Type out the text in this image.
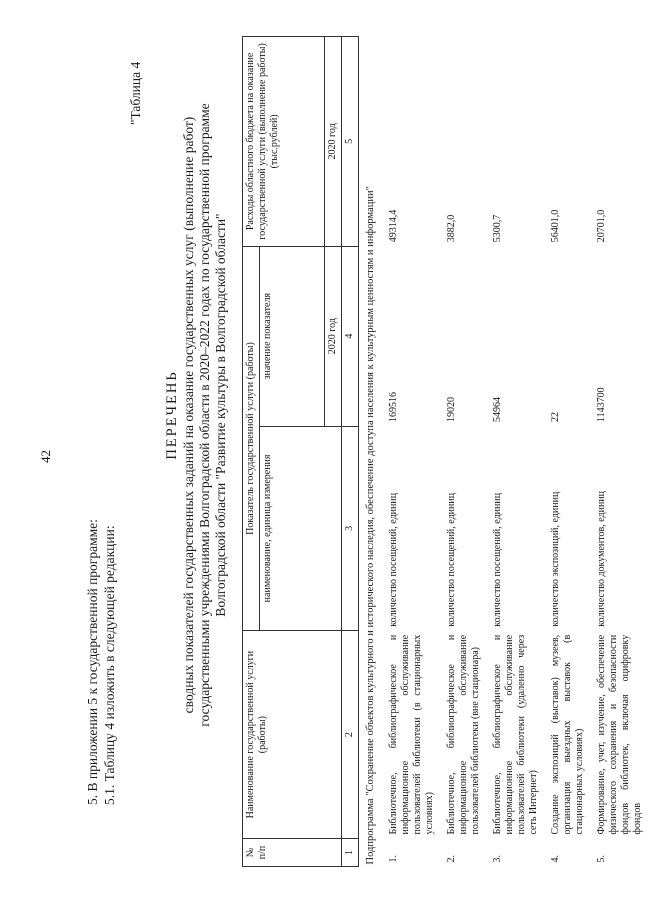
42
5. В приложении 5 к государственной программе: 5.1. Таблицу 4 изложить в следующей редакции:
"Таблица 4
ПЕРЕЧЕНЬ сводных показателей государственных заданий на оказание государственных услуг (выполнение работ) государственными учреждениями Волгоградской области в 2020–2022 годах по государственной программе Волгоградской области "Развитие культуры в Волгоградской области"
№ п/п	Наименование государственной услуги (работы)	Показатель государственной услуги (работы)		Расходы областного бюджета на оказание государственной услуги (выполнение работы) (тыс.рублей)
		наименование, единица измерения	значение показателя	
			2020 год	2020 год
1	2	3	4	5
Подпрограмма "Сохранение объектов культурного и исторического наследия, обеспечение доступа населения к культурным ценностям и информации"				
1.	Библиотечное, библиографическое и информационное обслуживание пользователей библиотеки (в стационарных условиях)	количество посещений, единиц	169516	49314,4
2.	Библиотечное, библиографическое и информационное обслуживание пользователей библиотеки (вне стационара)	количество посещений, единиц	19020	3882,0
3.	Библиотечное, библиографическое и информационное обслуживание пользователей библиотеки (удаленно через сеть Интернет)	количество посещений, единиц	54964	5300,7
4.	Создание экспозиций (выставок) музеев, организация выездных выставок (в стационарных условиях)	количество экспозиций, единиц	22	56401,0
5.	Формирование, учет, изучение, обеспечение физического сохранения и безопасности фондов библиотек, включая оцифровку фондов	количество документов, единиц	1143700	20701,0
